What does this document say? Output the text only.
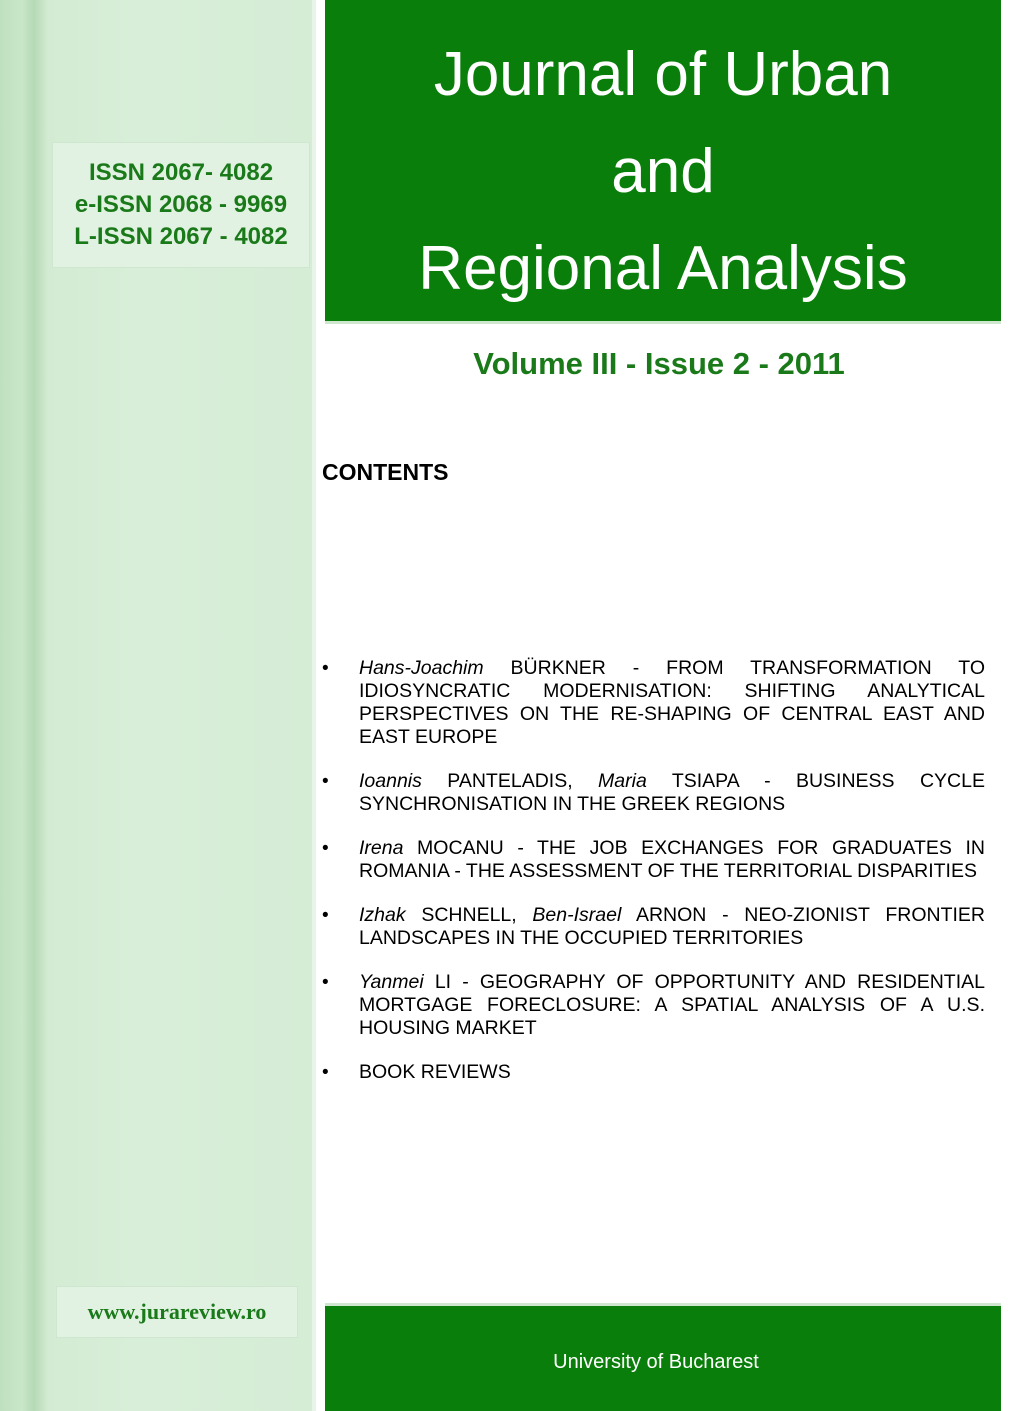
ISSN 2067- 4082
e-ISSN 2068 - 9969
L-ISSN 2067 - 4082
www.jurareview.ro
Journal of Urban
and
Regional Analysis
Volume III - Issue 2 - 2011
CONTENTS
• Hans-Joachim BÜRKNER - FROM TRANSFORMATION TO IDIOSYNCRATIC MODERNISATION: SHIFTING ANALYTICAL PERSPECTIVES ON THE RE-SHAPING OF CENTRAL EAST AND EAST EUROPE
• Ioannis PANTELADIS, Maria TSIAPA - BUSINESS CYCLE SYNCHRONISATION IN THE GREEK REGIONS
• Irena MOCANU - THE JOB EXCHANGES FOR GRADUATES IN ROMANIA - THE ASSESSMENT OF THE TERRITORIAL DISPARITIES
• Izhak SCHNELL, Ben-Israel ARNON - NEO-ZIONIST FRONTIER LANDSCAPES IN THE OCCUPIED TERRITORIES
• Yanmei LI - GEOGRAPHY OF OPPORTUNITY AND RESIDENTIAL MORTGAGE FORECLOSURE: A SPATIAL ANALYSIS OF A U.S. HOUSING MARKET
• BOOK REVIEWS
University of Bucharest
